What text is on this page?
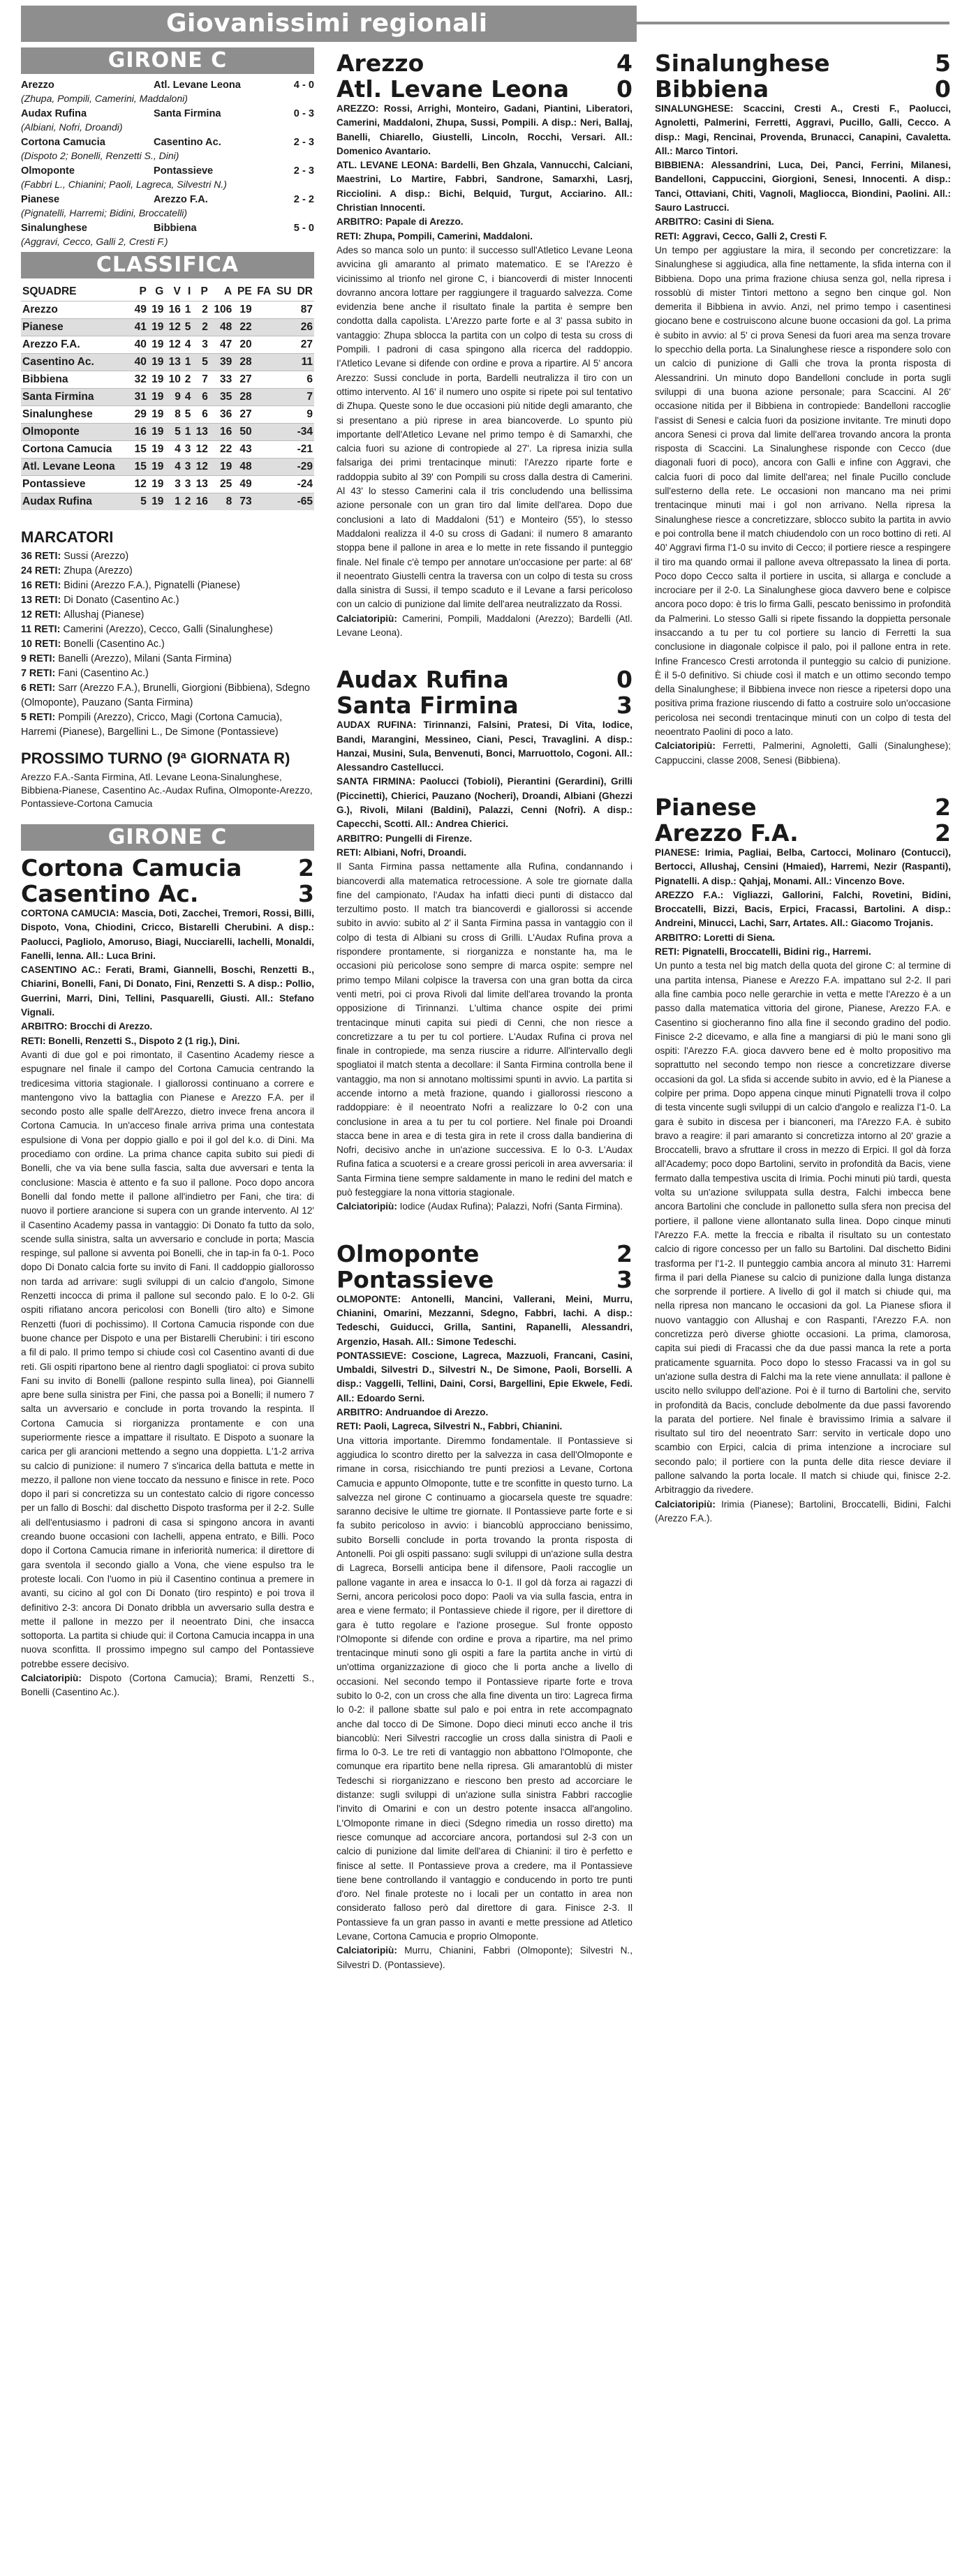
Giovanissimi regionali
GIRONE C
Arezzo	Atl. Levane Leona	4 - 0
(Zhupa, Pompili, Camerini, Maddaloni)
Audax Rufina	Santa Firmina	0 - 3
(Albiani, Nofri, Droandi)
Cortona Camucia	Casentino Ac.	2 - 3
(Dispoto 2; Bonelli, Renzetti S., Dini)
Olmoponte	Pontassieve	2 - 3
(Fabbri L., Chianini; Paoli, Lagreca, Silvestri N.)
Pianese	Arezzo F.A.	2 - 2
(Pignatelli, Harremi; Bidini, Broccatelli)
Sinalunghese	Bibbiena	5 - 0
(Aggravi, Cecco, Galli 2, Cresti F.)
CLASSIFICA
SQUADRE	P	G	V	I	P	A	PE	FA	SU	DR
Arezzo	49	19	16	1	2	106	19	87		
Pianese	41	19	12	5	2	48	22	26		
Arezzo F.A.	40	19	12	4	3	47	20	27		
Casentino Ac.	40	19	13	1	5	39	28	11		
Bibbiena	32	19	10	2	7	33	27	6		
Santa Firmina	31	19	9	4	6	35	28	7		
Sinalunghese	29	19	8	5	6	36	27	9		
Olmoponte	16	19	5	1	13	16	50	-34		
Cortona Camucia	15	19	4	3	12	22	43	-21		
Atl. Levane Leona	15	19	4	3	12	19	48	-29		
Pontassieve	12	19	3	3	13	25	49	-24		
Audax Rufina	5	19	1	2	16	8	73	-65		
MARCATORI
36 RETI: Sussi (Arezzo)
24 RETI: Zhupa (Arezzo)
16 RETI: Bidini (Arezzo F.A.), Pignatelli (Pianese)
13 RETI: Di Donato (Casentino Ac.)
12 RETI: Allushaj (Pianese)
11 RETI: Camerini (Arezzo), Cecco, Galli (Sinalunghese)
10 RETI: Bonelli (Casentino Ac.)
9 RETI: Banelli (Arezzo), Milani (Santa Firmina)
7 RETI: Fani (Casentino Ac.)
6 RETI: Sarr (Arezzo F.A.), Brunelli, Giorgioni (Bibbiena), Sdegno (Olmoponte), Pauzano (Santa Firmina)
5 RETI: Pompili (Arezzo), Cricco, Magi (Cortona Camucia), Harremi (Pianese), Bargellini L., De Simone (Pontassieve)
PROSSIMO TURNO (9ª GIORNATA R)
Arezzo F.A.-Santa Firmina, Atl. Levane Leona-Sinalunghese, Bibbiena-Pianese, Casentino Ac.-Audax Rufina, Olmoponte-Arezzo, Pontassieve-Cortona Camucia
GIRONE C
Cortona Camucia 2
Casentino Ac.	3

CORTONA CAMUCIA: Mascia, Doti, Zacchei, Tremori, Rossi, Billi, Dispoto, Vona, Chiodini, Cricco, Bistarelli Cherubini. A disp.: Paolucci, Pagliolo, Amoruso, Biagi, Nucciarelli, Iachelli, Monaldi, Fanelli, Ienna. All.: Luca Brini.

CASENTINO AC.: Ferati, Brami, Giannelli, Boschi, Renzetti B., Chiarini, Bonelli, Fani, Di Donato, Fini, Renzetti S. A disp.: Pollio, Guerrini, Marri, Dini, Tellini, Pasquarelli, Giusti. All.: Stefano Vignali.

ARBITRO: Brocchi di Arezzo.

RETI: Bonelli, Renzetti S., Dispoto 2 (1 rig.), Dini.

Avanti di due gol e poi rimontato, il Casentino Academy riesce a espugnare nel finale il campo del Cortona Camucia centrando la tredicesima vittoria stagionale. I giallorossi continuano a correre e mantengono vivo la battaglia con Pianese e Arezzo F.A. per il secondo posto alle spalle dell'Arezzo, dietro invece frena ancora il Cortona Camucia. In un'acceso finale arriva prima una contestata espulsione di Vona per doppio giallo e poi il gol del k.o. di Dini. Ma procediamo con ordine. La prima chance capita subito sui piedi di Bonelli, che va via bene sulla fascia, salta due avversari e tenta la conclusione: Mascia è attento e fa suo il pallone. Poco dopo ancora Bonelli dal fondo mette il pallone all'indietro per Fani, che tira: di nuovo il portiere arancione si supera con un grande intervento. Al 12' il Casentino Academy passa in vantaggio: Di Donato fa tutto da solo, scende sulla sinistra, salta un avversario e conclude in porta; Mascia respinge, sul pallone si avventa poi Bonelli, che in tap-in fa 0-1. Poco dopo Di Donato calcia forte su invito di Fani. Il caddoppio giallorosso non tarda ad arrivare: sugli sviluppi di un calcio d'angolo, Simone Renzetti incocca di prima il pallone sul secondo palo. E lo 0-2. Gli ospiti rifiatano ancora pericolosi con Bonelli (tiro alto) e Simone Renzetti (fuori di pochissimo). Il Cortona Camucia risponde con due buone chance per Dispoto e una per Bistarelli Cherubini: i tiri escono a fil di palo. Il primo tempo si chiude così col Casentino avanti di due reti. Gli ospiti ripartono bene al rientro dagli spogliatoi: ci prova subito Fani su invito di Bonelli (pallone respinto sulla linea), poi Giannelli apre bene sulla sinistra per Fini, che passa poi a Bonelli; il numero 7 salta un avversario e conclude in porta trovando la respinta. Il Cortona Camucia si riorganizza prontamente e con una superiormente riesce a impattare il risultato. E Dispoto a suonare la carica per gli arancioni mettendo a segno una doppietta. L'1-2 arriva su calcio di punizione: il numero 7 s'incarica della battuta e mette in mezzo, il pallone non viene toccato da nessuno e finisce in rete. Poco dopo il pari si concretizza su un contestato calcio di rigore concesso per un fallo di Boschi: dal dischetto Dispoto trasforma per il 2-2. Sulle ali dell'entusiasmo i padroni di casa si spingono ancora in avanti creando buone occasioni con Iachelli, appena entrato, e Billi. Poco dopo il Cortona Camucia rimane in inferiorità numerica: il direttore di gara sventola il secondo giallo a Vona, che viene espulso tra le proteste locali. Con l'uomo in più il Casentino continua a premere in avanti, su cicino al gol con Di Donato (tiro respinto) e poi trova il definitivo 2-3: ancora Di Donato dribbla un avversario sulla destra e mette il pallone in mezzo per il neoentrato Dini, che insacca sottoporta. La partita si chiude qui: il Cortona Camucia incappa in una nuova sconfitta. Il prossimo impegno sul campo del Pontassieve potrebbe essere decisivo.

Calciatoripiù: Dispoto (Cortona Camucia); Brami, Renzetti S., Bonelli (Casentino Ac.).

Arezzo	4
Atl. Levane Leona 0

AREZZO: Rossi, Arrighi, Monteiro, Gadani, Piantini, Liberatori, Camerini, Maddaloni, Zhupa, Sussi, Pompili. A disp.: Neri, Ballaj, Banelli, Chiarello, Giustelli, Lincoln, Rocchi, Versari. All.: Domenico Avantario.

ATL. LEVANE LEONA: Bardelli, Ben Ghzala, Vannucchi, Calciani, Maestrini, Lo Martire, Fabbri, Sandrone, Samarxhi, Lasrj, Ricciolini. A disp.: Bichi, Belquid, Turgut, Acciarino. All.: Christian Innocenti.

ARBITRO: Papale di Arezzo.

RETI: Zhupa, Pompili, Camerini, Maddaloni.

Ades so manca solo un punto: il successo sull'Atletico Levane Leona avvicina gli amaranto al primato matematico. E se l'Arezzo è vicinissimo al trionfo nel girone C, i biancoverdi di mister Innocenti dovranno ancora lottare per raggiungere il traguardo salvezza. Come evidenzia bene anche il risultato finale la partita è sempre ben condotta dalla capolista. L'Arezzo parte forte e al 3' passa subito in vantaggio: Zhupa sblocca la partita con un colpo di testa su cross di Pompili. I padroni di casa spingono alla ricerca del raddoppio. I'Atletico Levane si difende con ordine e prova a ripartire. Al 5' ancora Arezzo: Sussi conclude in porta, Bardelli neutralizza il tiro con un ottimo intervento. Al 16' il numero uno ospite si ripete poi sul tentativo di Zhupa. Queste sono le due occasioni più nitide degli amaranto, che si presentano a più riprese in area biancoverde. Lo spunto più importante dell'Atletico Levane nel primo tempo è di Samarxhi, che calcia fuori su azione di contropiede al 27'. La ripresa inizia sulla falsariga dei primi trentacinque minuti: l'Arezzo riparte forte e raddoppia subito al 39' con Pompili su cross dalla destra di Camerini. Al 43' lo stesso Camerini cala il tris concludendo una bellissima azione personale con un gran tiro dal limite dell'area. Dopo due conclusioni a lato di Maddaloni (51') e Monteiro (55'), lo stesso Maddaloni realizza il 4-0 su cross di Gadani: il numero 8 amaranto stoppa bene il pallone in area e lo mette in rete fissando il punteggio finale. Nel finale c'è tempo per annotare un'occasione per parte: al 68' il neoentrato Giustelli centra la traversa con un colpo di testa su cross dalla sinistra di Sussi, il tempo scaduto e il Levane a farsi pericoloso con un calcio di punizione dal limite dell'area neutralizzato da Rossi.

Calciatoripiù: Camerini, Pompili, Maddaloni (Arezzo); Bardelli (Atl. Levane Leona).

Audax Rufina	0
Santa Firmina	3

AUDAX RUFINA: Tirinnanzi, Falsini, Pratesi, Di Vita, Iodice, Bandi, Marangini, Messineo, Ciani, Pesci, Travaglini. A disp.: Hanzai, Musini, Sula, Benvenuti, Bonci, Marruottolo, Cogoni. All.: Alessandro Castellucci.

SANTA FIRMINA: Paolucci (Tobioli), Pierantini (Gerardini), Grilli (Piccinetti), Chierici, Pauzano (Nocheri), Droandi, Albiani (Ghezzi G.), Rivoli, Milani (Baldini), Palazzi, Cenni (Nofri). A disp.: Capecchi, Scotti. All.: Andrea Chierici.

ARBITRO: Pungelli di Firenze.

RETI: Albiani, Nofri, Droandi.

Il Santa Firmina passa nettamente alla Rufina, condannando i biancoverdi alla matematica retrocessione. A sole tre giornate dalla fine del campionato, l'Audax ha infatti dieci punti di distacco dal terzultimo posto. Il match tra biancoverdi e giallorossi si accende subito in avvio: subito al 2' il Santa Firmina passa in vantaggio con il colpo di testa di Albiani su cross di Grilli. L'Audax Rufina prova a rispondere prontamente, si riorganizza e nonstante ha, ma le occasioni più pericolose sono sempre di marca ospite: sempre nel primo tempo Milani colpisce la traversa con una gran botta da circa venti metri, poi ci prova Rivoli dal limite dell'area trovando la pronta opposizione di Tirinnanzi. L'ultima chance ospite dei primi trentacinque minuti capita sui piedi di Cenni, che non riesce a concretizzare a tu per tu col portiere. L'Audax Rufina ci prova nel finale in contropiede, ma senza riuscire a ridurre. All'intervallo degli spogliatoi il match stenta a decollare: il Santa Firmina controlla bene il vantaggio, ma non si annotano moltissimi spunti in avvio. La partita si accende intorno a metà frazione, quando i giallorossi riescono a raddoppiare: è il neoentrato Nofri a realizzare lo 0-2 con una conclusione in area a tu per tu col portiere. Nel finale poi Droandi stacca bene in area e di testa gira in rete il cross dalla bandierina di Nofri, decisivo anche in un'azione successiva. E lo 0-3. L'Audax Rufina fatica a scuotersi e a creare grossi pericoli in area avversaria: il Santa Firmina tiene sempre saldamente in mano le redini del match e può festeggiare la nona vittoria stagionale.

Calciatoripiù: Iodice (Audax Rufina); Palazzi, Nofri (Santa Firmina).

Olmoponte	2
Pontassieve	3

OLMOPONTE: Antonelli, Mancini, Vallerani, Meini, Murru, Chianini, Omarini, Mezzanni, Sdegno, Fabbri, Iachi. A disp.: Tedeschi, Guiducci, Grilla, Santini, Rapanelli, Alessandri, Argenzio, Hasah. All.: Simone Tedeschi.

PONTASSIEVE: Coscione, Lagreca, Mazzuoli, Francani, Casini, Umbaldi, Silvestri D., Silvestri N., De Simone, Paoli, Borselli. A disp.: Vaggelli, Tellini, Daini, Corsi, Bargellini, Epie Ekwele, Fedi. All.: Edoardo Serni.

ARBITRO: Andruandoe di Arezzo.

RETI: Paoli, Lagreca, Silvestri N., Fabbri, Chianini.

Una vittoria importante. Diremmo fondamentale. Il Pontassieve si aggiudica lo scontro diretto per la salvezza in casa dell'Olmoponte e rimane in corsa, risicchiando tre punti preziosi a Levane, Cortona Camucia e appunto Olmoponte, tutte e tre sconfitte in questo turno. La salvezza nel girone C continuamo a giocarsela queste tre squadre: saranno decisive le ultime tre giornate. Il Pontassieve parte forte e si fa subito pericoloso in avvio: i biancoblù approcciano benissimo, subito Borselli conclude in porta trovando la pronta risposta di Antonelli. Poi gli ospiti passano: sugli sviluppi di un'azione sulla destra di Lagreca, Borselli anticipa bene il difensore, Paoli raccoglie un pallone vagante in area e insacca lo 0-1. Il gol dà forza ai ragazzi di Serni, ancora pericolosi poco dopo: Paoli va via sulla fascia, entra in area e viene fermato; il Pontassieve chiede il rigore, per il direttore di gara è tutto regolare e l'azione prosegue. Sul fronte opposto l'Olmoponte si difende con ordine e prova a ripartire, ma nel primo trentacinque minuti sono gli ospiti a fare la partita anche in virtù di un'ottima organizzazione di gioco che li porta anche a livello di occasioni. Nel secondo tempo il Pontassieve riparte forte e trova subito lo 0-2, con un cross che alla fine diventa un tiro: Lagreca firma lo 0-2: il pallone sbatte sul palo e poi entra in rete accompagnato anche dal tocco di De Simone. Dopo dieci minuti ecco anche il tris biancoblù: Neri Silvestri raccoglie un cross dalla sinistra di Paoli e firma lo 0-3. Le tre reti di vantaggio non abbattono l'Olmoponte, che comunque era ripartito bene nella ripresa. Gli amarantoblù di mister Tedeschi si riorganizzano e riescono ben presto ad accorciare le distanze: sugli sviluppi di un'azione sulla sinistra Fabbri raccoglie l'invito di Omarini e con un destro potente insacca all'angolino. L'Olmoponte rimane in dieci (Sdegno rimedia un rosso diretto) ma riesce comunque ad accorciare ancora, portandosi sul 2-3 con un calcio di punizione dal limite dell'area di Chianini: il tiro è perfetto e finisce al sette. Il Pontassieve prova a credere, ma il Pontassieve tiene bene controllando il vantaggio e conducendo in porto tre punti d'oro. Nel finale proteste no i locali per un contatto in area non considerato falloso però dal direttore di gara. Finisce 2-3. Il Pontassieve fa un gran passo in avanti e mette pressione ad Atletico Levane, Cortona Camucia e proprio Olmoponte.

Calciatoripiù: Murru, Chianini, Fabbri (Olmoponte); Silvestri N., Silvestri D. (Pontassieve).

Sinalunghese	5
Bibbiena	0

SINALUNGHESE: Scaccini, Cresti A., Cresti F., Paolucci, Agnoletti, Palmerini, Ferretti, Aggravi, Pucillo, Galli, Cecco. A disp.: Magi, Rencinai, Provenda, Brunacci, Canapini, Cavaletta. All.: Marco Tintori.

BIBBIENA: Alessandrini, Luca, Dei, Panci, Ferrini, Milanesi, Bandelloni, Cappuccini, Giorgioni, Senesi, Innocenti. A disp.: Tanci, Ottaviani, Chiti, Vagnoli, Magliocca, Biondini, Paolini. All.: Sauro Lastrucci.

ARBITRO: Casini di Siena.

RETI: Aggravi, Cecco, Galli 2, Cresti F.

Un tempo per aggiustare la mira, il secondo per concretizzare: la Sinalunghese si aggiudica, alla fine nettamente, la sfida interna con il Bibbiena. Dopo una prima frazione chiusa senza gol, nella ripresa i rossoblù di mister Tintori mettono a segno ben cinque gol. Non demerita il Bibbiena in avvio. Anzi, nel primo tempo i casentinesi giocano bene e costruiscono alcune buone occasioni da gol. La prima è subito in avvio: al 5' ci prova Senesi da fuori area ma senza trovare lo specchio della porta. La Sinalunghese riesce a rispondere solo con un calcio di punizione di Galli che trova la pronta risposta di Alessandrini. Un minuto dopo Bandelloni conclude in porta sugli sviluppi di una buona azione personale; para Scaccini. Al 26' occasione nitida per il Bibbiena in contropiede: Bandelloni raccoglie l'assist di Senesi e calcia fuori da posizione invitante. Tre minuti dopo ancora Senesi ci prova dal limite dell'area trovando ancora la pronta risposta di Scaccini. La Sinalunghese risponde con Cecco (due diagonali fuori di poco), ancora con Galli e infine con Aggravi, che calcia fuori di poco dal limite dell'area; nel finale Pucillo conclude sull'esterno della rete. Le occasioni non mancano ma nei primi trentacinque minuti mai i gol non arrivano. Nella ripresa la Sinalunghese riesce a concretizzare, sblocco subito la partita in avvio e poi controlla bene il match chiudendolo con un roco bottino di reti. Al 40' Aggravi firma l'1-0 su invito di Cecco; il portiere riesce a respingere il tiro ma quando ormai il pallone aveva oltrepassato la linea di porta. Poco dopo Cecco salta il portiere in uscita, si allarga e conclude a incrociare per il 2-0. La Sinalunghese gioca davvero bene e colpisce ancora poco dopo: è tris lo firma Galli, pescato benissimo in profondità da Palmerini. Lo stesso Galli si ripete fissando la doppietta personale insaccando a tu per tu col portiere su lancio di Ferretti la sua conclusione in diagonale colpisce il palo, poi il pallone entra in rete. Infine Francesco Cresti arrotonda il punteggio su calcio di punizione. È il 5-0 definitivo. Si chiude così il match e un ottimo secondo tempo della Sinalunghese; il Bibbiena invece non riesce a ripetersi dopo una positiva prima frazione riuscendo di fatto a costruire solo un'occasione pericolosa nei secondi trentacinque minuti con un colpo di testa del neoentrato Paolini di poco a lato.

Calciatoripiù: Ferretti, Palmerini, Agnoletti, Galli (Sinalunghese); Cappuccini, classe 2008, Senesi (Bibbiena).

Pianese	2
Arezzo F.A.	2

PIANESE: Irimia, Pagliai, Belba, Cartocci, Molinaro (Contucci), Bertocci, Allushaj, Censini (Hmaied), Harremi, Nezir (Raspanti), Pignatelli. A disp.: Qahjaj, Monami. All.: Vincenzo Bove.

AREZZO F.A.: Vigliazzi, Gallorini, Falchi, Rovetini, Bidini, Broccatelli, Bizzi, Bacis, Erpici, Fracassi, Bartolini. A disp.: Andreini, Minucci, Lachi, Sarr, Artates. All.: Giacomo Trojanis.

ARBITRO: Loretti di Siena.

RETI: Pignatelli, Broccatelli, Bidini rig., Harremi.

Un punto a testa nel big match della quota del girone C: al termine di una partita intensa, Pianese e Arezzo F.A. impattano sul 2-2. Il pari alla fine cambia poco nelle gerarchie in vetta e mette l'Arezzo è a un passo dalla matematica vittoria del girone, Pianese, Arezzo F.A. e Casentino si giocheranno fino alla fine il secondo gradino del podio. Finisce 2-2 dicevamo, e alla fine a mangiarsi di più le mani sono gli ospiti: l'Arezzo F.A. gioca davvero bene ed è molto propositivo ma soprattutto nel secondo tempo non riesce a concretizzare diverse occasioni da gol. La sfida si accende subito in avvio, ed è la Pianese a colpire per prima. Dopo appena cinque minuti Pignatelli trova il colpo di testa vincente sugli sviluppi di un calcio d'angolo e realizza l'1-0. La gara è subito in discesa per i bianconeri, ma l'Arezzo F.A. è subito bravo a reagire: il pari amaranto si concretizza intorno al 20' grazie a Broccatelli, bravo a sfruttare il cross in mezzo di Erpici. Il gol dà forza all'Academy; poco dopo Bartolini, servito in profondità da Bacis, viene fermato dalla tempestiva uscita di Irimia. Pochi minuti più tardi, questa volta su un'azione sviluppata sulla destra, Falchi imbecca bene ancora Bartolini che conclude in pallonetto sulla sfera non precisa del portiere, il pallone viene allontanato sulla linea. Dopo cinque minuti l'Arezzo F.A. mette la freccia e ribalta il risultato su un contestato calcio di rigore concesso per un fallo su Bartolini. Dal dischetto Bidini trasforma per l'1-2. Il punteggio cambia ancora al minuto 31: Harremi firma il pari della Pianese su calcio di punizione dalla lunga distanza che sorprende il portiere. A livello di gol il match si chiude qui, ma nella ripresa non mancano le occasioni da gol. La Pianese sfiora il nuovo vantaggio con Allushaj e con Raspanti, l'Arezzo F.A. non concretizza però diverse ghiotte occasioni. La prima, clamorosa, capita sui piedi di Fracassi che da due passi manca la rete a porta praticamente sguarnita. Poco dopo lo stesso Fracassi va in gol su un'azione sulla destra di Falchi ma la rete viene annullata: il pallone è uscito nello sviluppo dell'azione. Poi è il turno di Bartolini che, servito in profondità da Bacis, conclude debolmente da due passi favorendo la parata del portiere. Nel finale è bravissimo Irimia a salvare il risultato sul tiro del neoentrato Sarr: servito in verticale dopo uno scambio con Erpici, calcia di prima intenzione a incrociare sul secondo palo; il portiere con la punta delle dita riesce deviare il pallone salvando la porta locale. Il match si chiude qui, finisce 2-2. Arbitraggio da rivedere.

Calciatoripiù: Irimia (Pianese); Bartolini, Broccatelli, Bidini, Falchi (Arezzo F.A.).
